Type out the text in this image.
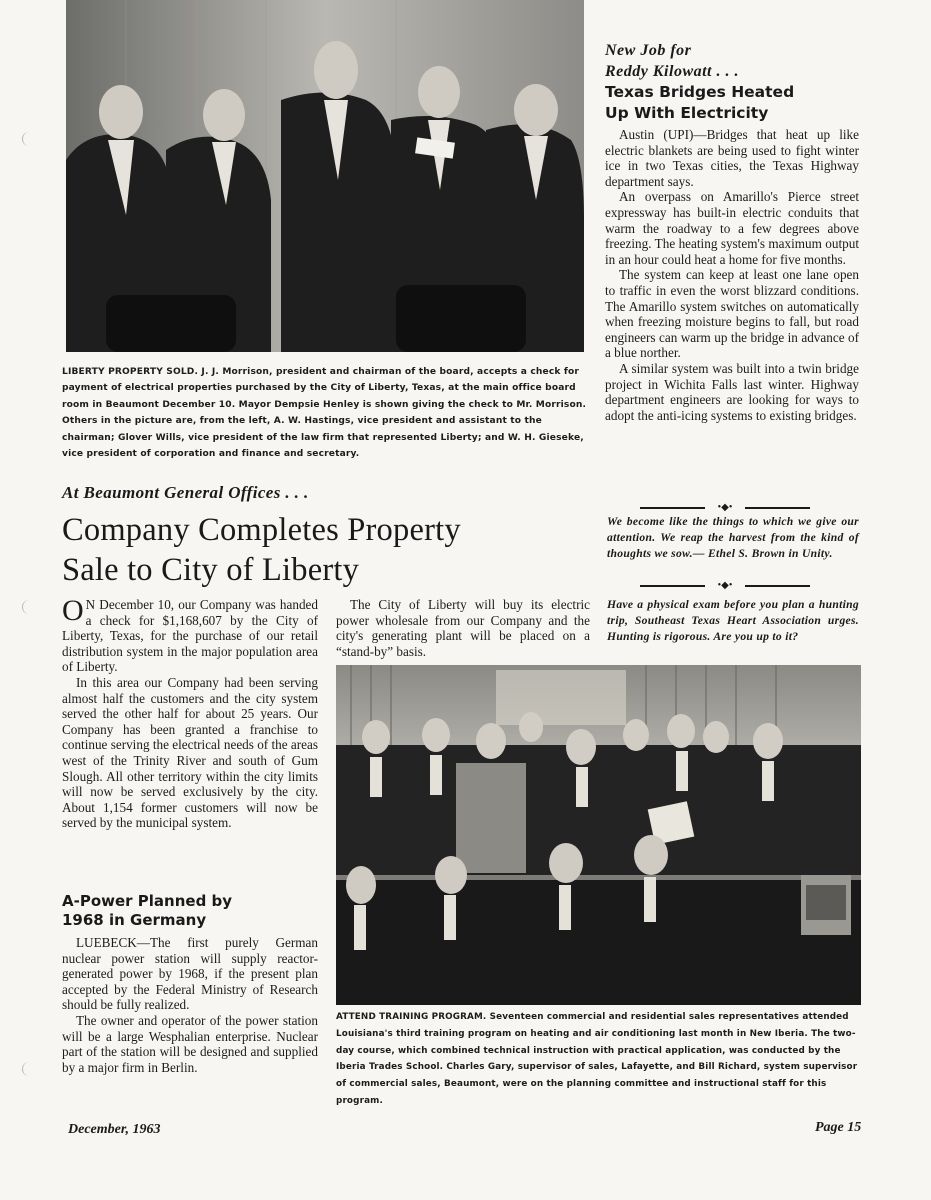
LIBERTY PROPERTY SOLD. J. J. Morrison, president and chairman of the board, accepts a check for payment of electrical properties purchased by the City of Liberty, Texas, at the main office board room in Beaumont December 10. Mayor Dempsie Henley is shown giving the check to Mr. Morrison. Others in the picture are, from the left, A. W. Hastings, vice president and assistant to the chairman; Glover Wills, vice president of the law firm that represented Liberty; and W. H. Gieseke, vice president of corporation and finance and secretary.
At Beaumont General Offices . . .
Company Completes Property
Sale to City of Liberty

O N December 10, our Company was handed a check for $1,168,607 by the City of Liberty, Texas, for the purchase of our retail distribution system in the major population area of Liberty.

In this area our Company had been serving almost half the customers and the city system served the other half for about 25 years. Our Company has been granted a franchise to continue serving the electrical needs of the areas west of the Trinity River and south of Gum Slough. All other territory within the city limits will now be served exclusively by the city. About 1,154 former customers will now be served by the municipal system.

A-Power Planned by
1968 in Germany

LUEBECK—The first purely German nuclear power station will supply reactor-generated power by 1968, if the present plan accepted by the Federal Ministry of Research should be fully realized.

The owner and operator of the power station will be a large Wesphalian enterprise. Nuclear part of the station will be designed and supplied by a major firm in Berlin.

The City of Liberty will buy its electric power wholesale from our Company and the city's generating plant will be placed on a “stand-by” basis.

New Job for
Reddy Kilowatt . . .
Texas Bridges Heated
Up With Electricity

Austin (UPI)—Bridges that heat up like electric blankets are being used to fight winter ice in two Texas cities, the Texas Highway department says.

An overpass on Amarillo's Pierce street expressway has built-in electric conduits that warm the roadway to a few degrees above freezing. The heating system's maximum output in an hour could heat a home for five months.

The system can keep at least one lane open to traffic in even the worst blizzard conditions. The Amarillo system switches on automatically when freezing moisture begins to fall, but road engineers can warm up the bridge in advance of a blue norther.

A similar system was built into a twin bridge project in Wichita Falls last winter. Highway department engineers are looking for ways to adopt the anti-icing systems to existing bridges.

•◆•
We become like the things to which we give our attention. We reap the harvest from the kind of thoughts we sow.— Ethel S. Brown in Unity.
•◆•
Have a physical exam before you plan a hunting trip, Southeast Texas Heart Association urges. Hunting is rigorous. Are you up to it?
ATTEND TRAINING PROGRAM. Seventeen commercial and residential sales representatives attended Louisiana's third training program on heating and air conditioning last month in New Iberia. The two-day course, which combined technical instruction with practical application, was conducted by the Iberia Trades School. Charles Gary, supervisor of sales, Lafayette, and Bill Richard, system supervisor of commercial sales, Beaumont, were on the planning committee and instructional staff for this program.
December, 1963	Page 15
